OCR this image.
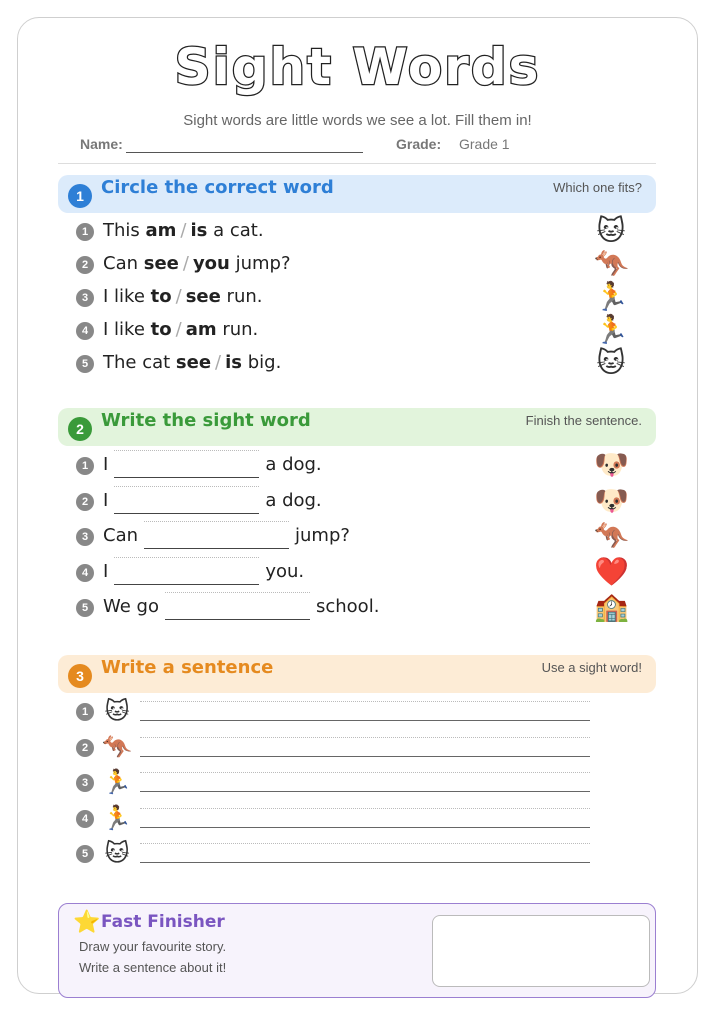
Sight Words
Sight words are little words we see a lot. Fill them in!
Name:	Grade: Grade 1
1 Circle the correct word	Which one fits?
1 This am / is a cat.	🐱
2 Can see / you jump?	🦘
3 I like to / see run.	🏃
4 I like to / am run.	🏃
5 The cat see / is big.	🐱
2 Write the sight word	Finish the sentence.
1 I	a dog.	🐶
2 I	a dog.	🐶
3 Can	jump?	🦘
4 I	you.	❤️
5 We go	school.	🏫
3 Write a sentence	Use a sight word!
1 🐱
2 🦘
3 🏃
4 🏃
5 🐱
⭐ Fast Finisher
Draw your favourite story.
Write a sentence about it!
